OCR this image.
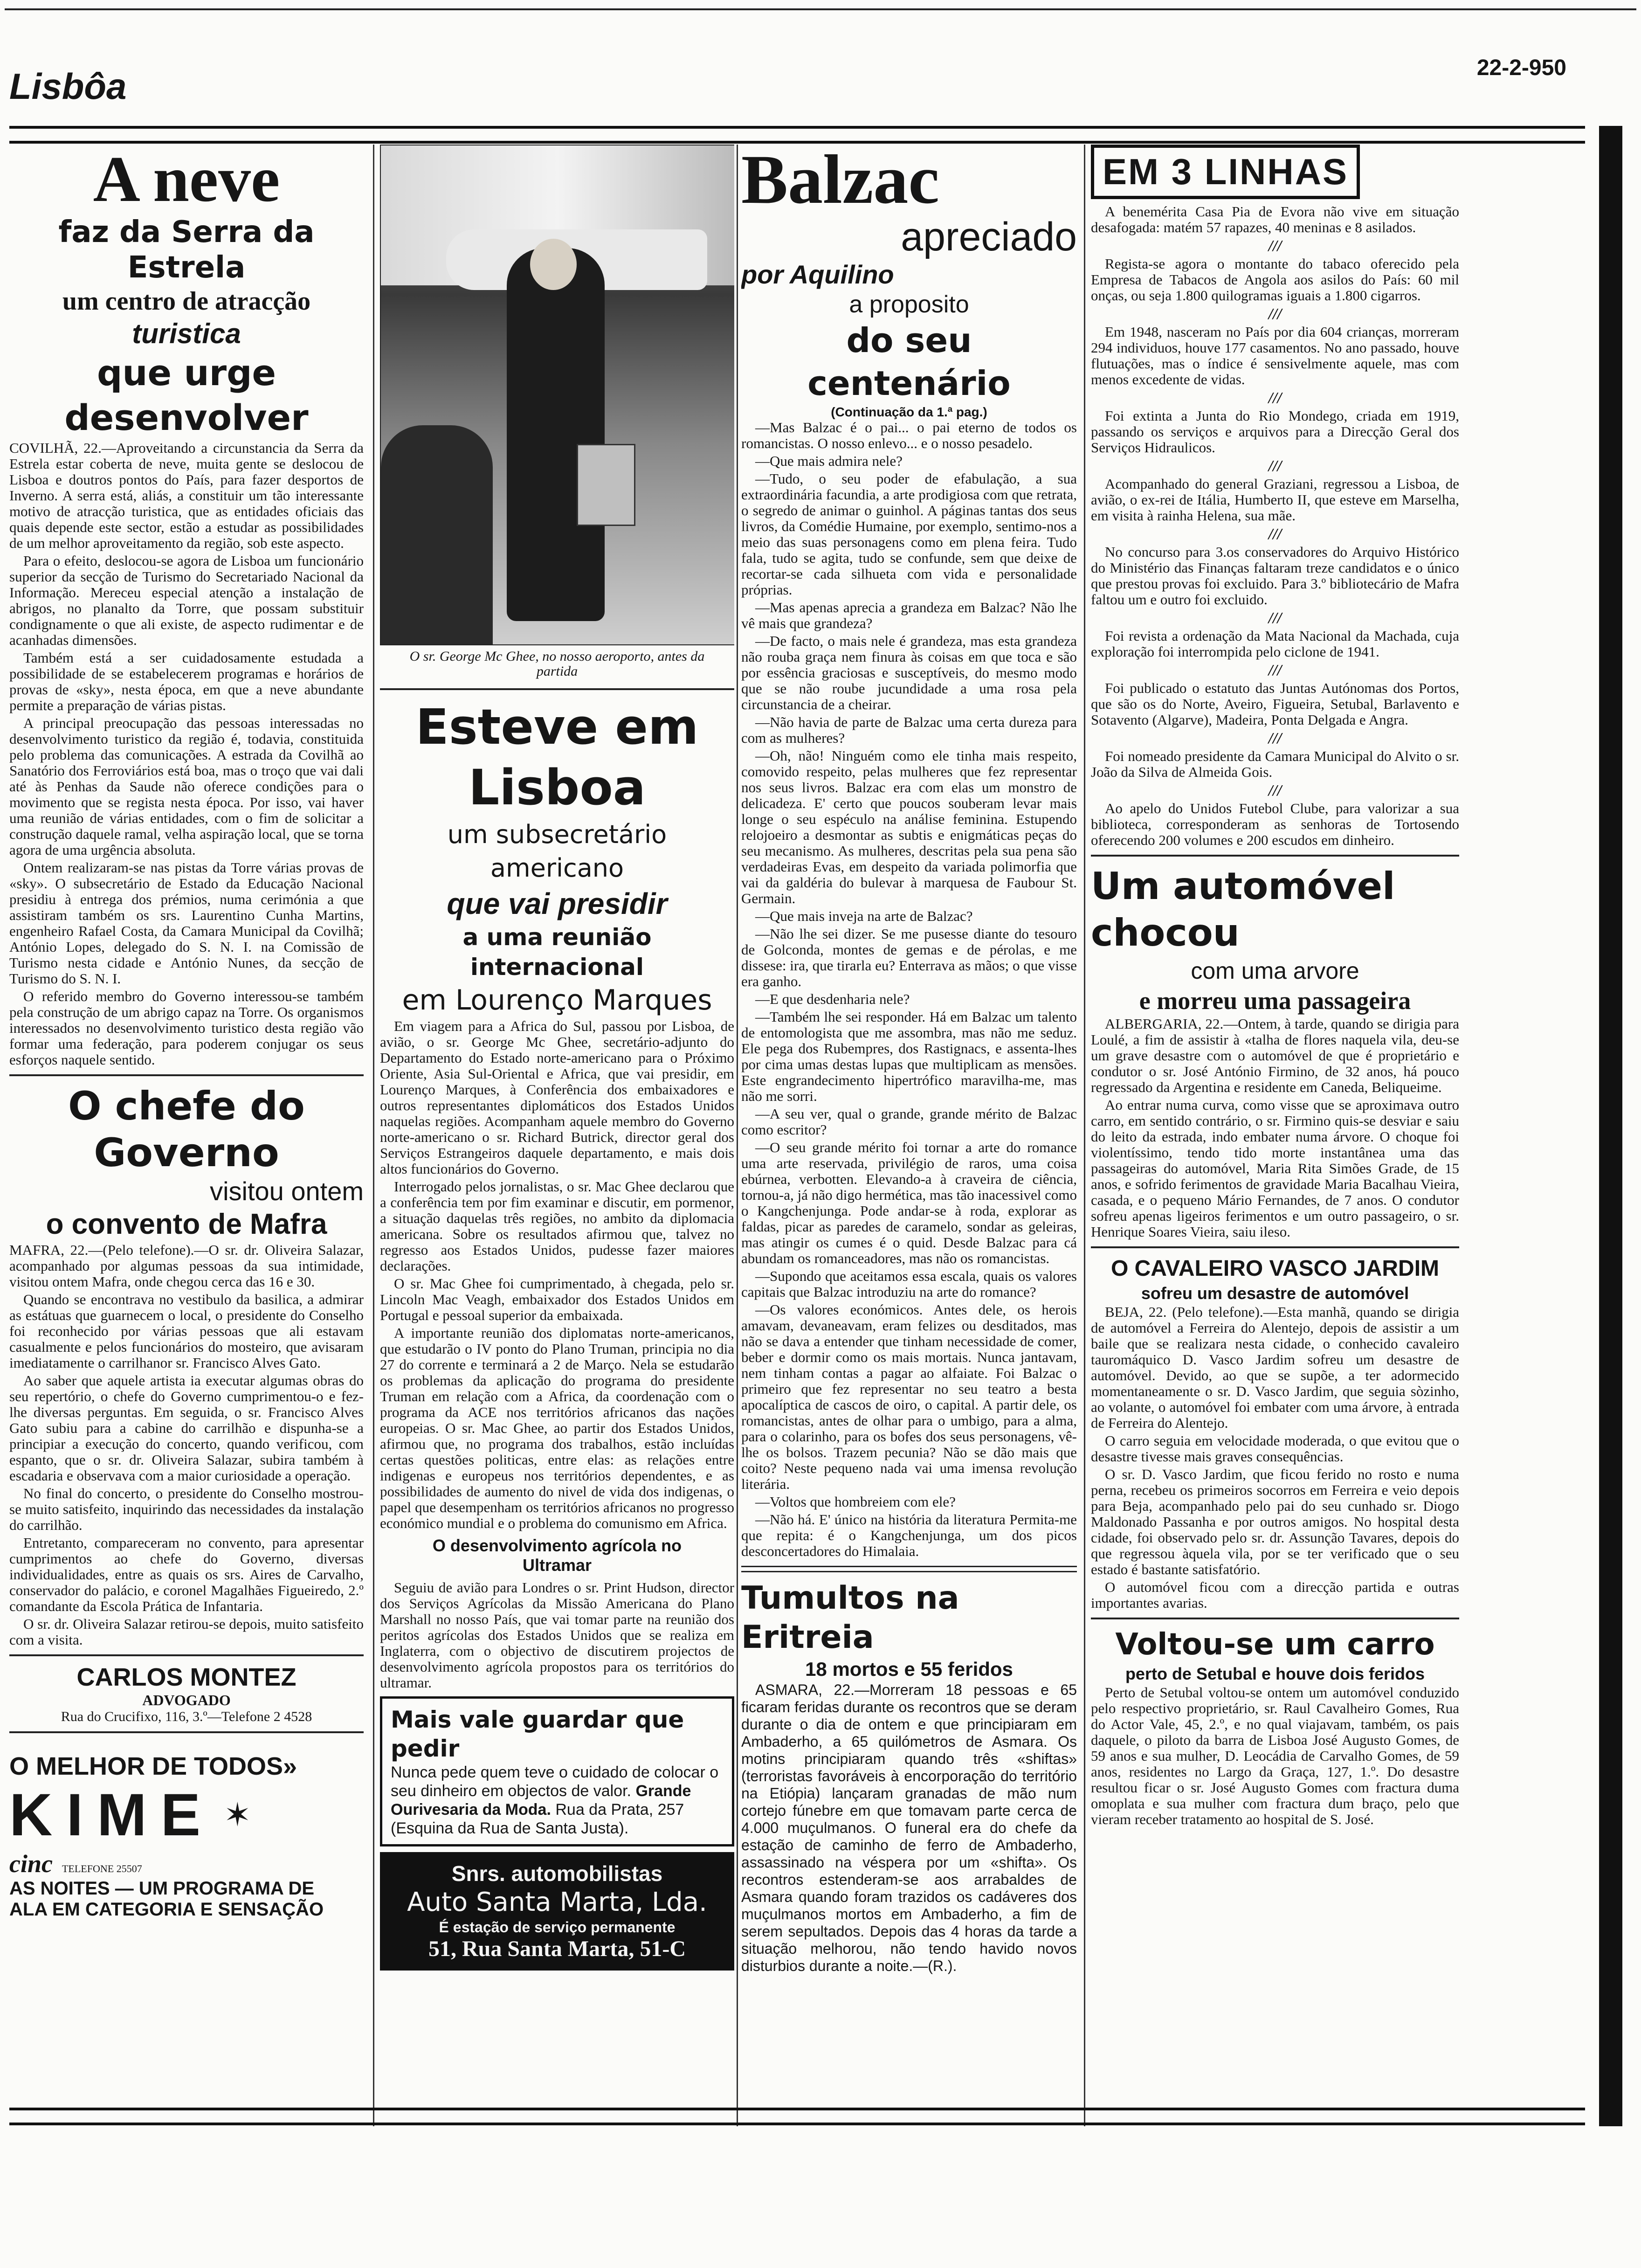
Lisbôa	22-2-950
A neve
faz da Serra da Estrela
um centro de atracção
turistica
que urge desenvolver

COVILHÃ, 22.—Aproveitando a circunstancia da Serra da Estrela estar coberta de neve, muita gente se deslocou de Lisboa e doutros pontos do País, para fazer desportos de Inverno. A serra está, aliás, a constituir um tão interessante motivo de atracção turistica, que as entidades oficiais das quais depende este sector, estão a estudar as possibilidades de um melhor aproveitamento da região, sob este aspecto.

Para o efeito, deslocou-se agora de Lisboa um funcionário superior da secção de Turismo do Secretariado Nacional da Informação. Mereceu especial atenção a instalação de abrigos, no planalto da Torre, que possam substituir condignamente o que ali existe, de aspecto rudimentar e de acanhadas dimensões.

Também está a ser cuidadosamente estudada a possibilidade de se estabelecerem programas e horários de provas de «sky», nesta época, em que a neve abundante permite a preparação de várias pistas.

A principal preocupação das pessoas interessadas no desenvolvimento turistico da região é, todavia, constituida pelo problema das comunicações. A estrada da Covilhã ao Sanatório dos Ferroviários está boa, mas o troço que vai dali até às Penhas da Saude não oferece condições para o movimento que se regista nesta época. Por isso, vai haver uma reunião de várias entidades, com o fim de solicitar a construção daquele ramal, velha aspiração local, que se torna agora de uma urgência absoluta.

Ontem realizaram-se nas pistas da Torre várias provas de «sky». O subsecretário de Estado da Educação Nacional presidiu à entrega dos prémios, numa cerimónia a que assistiram também os srs. Laurentino Cunha Martins, engenheiro Rafael Costa, da Camara Municipal da Covilhã; António Lopes, delegado do S. N. I. na Comissão de Turismo nesta cidade e António Nunes, da secção de Turismo do S. N. I.

O referido membro do Governo interessou-se também pela construção de um abrigo capaz na Torre. Os organismos interessados no desenvolvimento turistico desta região vão formar uma federação, para poderem conjugar os seus esforços naquele sentido.

O chefe do Governo
visitou ontem
o convento de Mafra

MAFRA, 22.—(Pelo telefone).—O sr. dr. Oliveira Salazar, acompanhado por algumas pessoas da sua intimidade, visitou ontem Mafra, onde chegou cerca das 16 e 30.

Quando se encontrava no vestibulo da basilica, a admirar as estátuas que guarnecem o local, o presidente do Conselho foi reconhecido por várias pessoas que ali estavam casualmente e pelos funcionários do mosteiro, que avisaram imediatamente o carrilhanor sr. Francisco Alves Gato.

Ao saber que aquele artista ia executar algumas obras do seu repertório, o chefe do Governo cumprimentou-o e fez-lhe diversas perguntas. Em seguida, o sr. Francisco Alves Gato subiu para a cabine do carrilhão e dispunha-se a principiar a execução do concerto, quando verificou, com espanto, que o sr. dr. Oliveira Salazar, subira também à escadaria e observava com a maior curiosidade a operação.

No final do concerto, o presidente do Conselho mostrou-se muito satisfeito, inquirindo das necessidades da instalação do carrilhão.

Entretanto, compareceram no convento, para apresentar cumprimentos ao chefe do Governo, diversas individualidades, entre as quais os srs. Aires de Carvalho, conservador do palácio, e coronel Magalhães Figueiredo, 2.º comandante da Escola Prática de Infantaria.

O sr. dr. Oliveira Salazar retirou-se depois, muito satisfeito com a visita.

CARLOS MONTEZ
ADVOGADO
Rua do Crucifixo, 116, 3.º—Telefone 2 4528
O MELHOR DE TODOS»
KIME ✶
cinc TELEFONE 25507
AS NOITES — UM PROGRAMA DE
ALA EM CATEGORIA E SENSAÇÃO
O sr. George Mc Ghee, no nosso aeroporto, antes da partida
Esteve em Lisboa
um subsecretário americano
que vai presidir
a uma reunião internacional
em Lourenço Marques

Em viagem para a Africa do Sul, passou por Lisboa, de avião, o sr. George Mc Ghee, secretário-adjunto do Departamento do Estado norte-americano para o Próximo Oriente, Asia Sul-Oriental e Africa, que vai presidir, em Lourenço Marques, à Conferência dos embaixadores e outros representantes diplomáticos dos Estados Unidos naquelas regiões. Acompanham aquele membro do Governo norte-americano o sr. Richard Butrick, director geral dos Serviços Estrangeiros daquele departamento, e mais dois altos funcionários do Governo.

Interrogado pelos jornalistas, o sr. Mac Ghee declarou que a conferência tem por fim examinar e discutir, em pormenor, a situação daquelas três regiões, no ambito da diplomacia americana. Sobre os resultados afirmou que, talvez no regresso aos Estados Unidos, pudesse fazer maiores declarações.

O sr. Mac Ghee foi cumprimentado, à chegada, pelo sr. Lincoln Mac Veagh, embaixador dos Estados Unidos em Portugal e pessoal superior da embaixada.

A importante reunião dos diplomatas norte-americanos, que estudarão o IV ponto do Plano Truman, principia no dia 27 do corrente e terminará a 2 de Março. Nela se estudarão os problemas da aplicação do programa do presidente Truman em relação com a Africa, da coordenação com o programa da ACE nos territórios africanos das nações europeias. O sr. Mac Ghee, ao partir dos Estados Unidos, afirmou que, no programa dos trabalhos, estão incluídas certas questões politicas, entre elas: as relações entre indigenas e europeus nos territórios dependentes, e as possibilidades de aumento do nivel de vida dos indigenas, o papel que desempenham os territórios africanos no progresso económico mundial e o problema do comunismo em Africa.

O desenvolvimento agrícola no Ultramar

Seguiu de avião para Londres o sr. Print Hudson, director dos Serviços Agrícolas da Missão Americana do Plano Marshall no nosso País, que vai tomar parte na reunião dos peritos agrícolas dos Estados Unidos que se realiza em Inglaterra, com o objectivo de discutirem projectos de desenvolvimento agrícola propostos para os territórios do ultramar.

Mais vale guardar que pedir
Nunca pede quem teve o cuidado de colocar o seu dinheiro em objectos de valor. Grande Ourivesaria da Moda. Rua da Prata, 257 (Esquina da Rua de Santa Justa).
Snrs. automobilistas
Auto Santa Marta, Lda.
É estação de serviço permanente
51, Rua Santa Marta, 51-C
Balzac
apreciado
por Aquilino
a proposito
do seu centenário
(Continuação da 1.ª pag.)

—Mas Balzac é o pai... o pai eterno de todos os romancistas. O nosso enlevo... e o nosso pesadelo.

—Que mais admira nele?

—Tudo, o seu poder de efabulação, a sua extraordinária facundia, a arte prodigiosa com que retrata, o segredo de animar o guinhol. A páginas tantas dos seus livros, da Comédie Humaine, por exemplo, sentimo-nos a meio das suas personagens como em plena feira. Tudo fala, tudo se agita, tudo se confunde, sem que deixe de recortar-se cada silhueta com vida e personalidade próprias.

—Mas apenas aprecia a grandeza em Balzac? Não lhe vê mais que grandeza?

—De facto, o mais nele é grandeza, mas esta grandeza não rouba graça nem finura às coisas em que toca e são por essência graciosas e susceptíveis, do mesmo modo que se não roube jucundidade a uma rosa pela circunstancia de a cheirar.

—Não havia de parte de Balzac uma certa dureza para com as mulheres?

—Oh, não! Ninguém como ele tinha mais respeito, comovido respeito, pelas mulheres que fez representar nos seus livros. Balzac era com elas um monstro de delicadeza. E' certo que poucos souberam levar mais longe o seu espéculo na análise feminina. Estupendo relojoeiro a desmontar as subtis e enigmáticas peças do seu mecanismo. As mulheres, descritas pela sua pena são verdadeiras Evas, em despeito da variada polimorfia que vai da galdéria do bulevar à marquesa de Faubour St. Germain.

—Que mais inveja na arte de Balzac?

—Não lhe sei dizer. Se me pusesse diante do tesouro de Golconda, montes de gemas e de pérolas, e me dissese: ira, que tirarla eu? Enterrava as mãos; o que visse era ganho.

—E que desdenharia nele?

—Também lhe sei responder. Há em Balzac um talento de entomologista que me assombra, mas não me seduz. Ele pega dos Rubempres, dos Rastignacs, e assenta-lhes por cima umas destas lupas que multiplicam as mensões. Este engrandecimento hipertrófico maravilha-me, mas não me sorri.

—A seu ver, qual o grande, grande mérito de Balzac como escritor?

—O seu grande mérito foi tornar a arte do romance uma arte reservada, privilégio de raros, uma coisa ebúrnea, verbotten. Elevando-a à craveira de ciência, tornou-a, já não digo hermética, mas tão inacessivel como o Kangchenjunga. Pode andar-se à roda, explorar as faldas, picar as paredes de caramelo, sondar as geleiras, mas atingir os cumes é o quid. Desde Balzac para cá abundam os romanceadores, mas não os romancistas.

—Supondo que aceitamos essa escala, quais os valores capitais que Balzac introduziu na arte do romance?

—Os valores económicos. Antes dele, os herois amavam, devaneavam, eram felizes ou desditados, mas não se dava a entender que tinham necessidade de comer, beber e dormir como os mais mortais. Nunca jantavam, nem tinham contas a pagar ao alfaiate. Foi Balzac o primeiro que fez representar no seu teatro a besta apocalíptica de cascos de oiro, o capital. A partir dele, os romancistas, antes de olhar para o umbigo, para a alma, para o colarinho, para os bofes dos seus personagens, vê-lhe os bolsos. Trazem pecunia? Não se dão mais que coito? Neste pequeno nada vai uma imensa revolução literária.

—Voltos que hombreiem com ele?

—Não há. E' único na história da literatura Permita-me que repita: é o Kangchenjunga, um dos picos desconcertadores do Himalaia.

Tumultos na Eritreia
18 mortos e 55 feridos

ASMARA, 22.—Morreram 18 pessoas e 65 ficaram feridas durante os recontros que se deram durante o dia de ontem e que principiaram em Ambaderho, a 65 quilómetros de Asmara. Os motins principiaram quando três «shiftas» (terroristas favoráveis à encorporação do território na Etiópia) lançaram granadas de mão num cortejo fúnebre em que tomavam parte cerca de 4.000 muçulmanos. O funeral era do chefe da estação de caminho de ferro de Ambaderho, assassinado na véspera por um «shifta». Os recontros estenderam-se aos arrabaldes de Asmara quando foram trazidos os cadáveres dos muçulmanos mortos em Ambaderho, a fim de serem sepultados. Depois das 4 horas da tarde a situação melhorou, não tendo havido novos disturbios durante a noite.—(R.).

EM 3 LINHAS

A benemérita Casa Pia de Evora não vive em situação desafogada: matém 57 rapazes, 40 meninas e 8 asilados.

///

Regista-se agora o montante do tabaco oferecido pela Empresa de Tabacos de Angola aos asilos do País: 60 mil onças, ou seja 1.800 quilogramas iguais a 1.800 cigarros.

///

Em 1948, nasceram no País por dia 604 crianças, morreram 294 individuos, houve 177 casamentos. No ano passado, houve flutuações, mas o índice é sensivelmente aquele, mas com menos excedente de vidas.

///

Foi extinta a Junta do Rio Mondego, criada em 1919, passando os serviços e arquivos para a Direcção Geral dos Serviços Hidraulicos.

///

Acompanhado do general Graziani, regressou a Lisboa, de avião, o ex-rei de Itália, Humberto II, que esteve em Marselha, em visita à rainha Helena, sua mãe.

///

No concurso para 3.os conservadores do Arquivo Histórico do Ministério das Finanças faltaram treze candidatos e o único que prestou provas foi excluido. Para 3.º bibliotecário de Mafra faltou um e outro foi excluido.

///

Foi revista a ordenação da Mata Nacional da Machada, cuja exploração foi interrompida pelo ciclone de 1941.

///

Foi publicado o estatuto das Juntas Autónomas dos Portos, que são os do Norte, Aveiro, Figueira, Setubal, Barlavento e Sotavento (Algarve), Madeira, Ponta Delgada e Angra.

///

Foi nomeado presidente da Camara Municipal do Alvito o sr. João da Silva de Almeida Gois.

///

Ao apelo do Unidos Futebol Clube, para valorizar a sua biblioteca, corresponderam as senhoras de Tortosendo oferecendo 200 volumes e 200 escudos em dinheiro.

Um automóvel chocou
com uma arvore
e morreu uma passageira

ALBERGARIA, 22.—Ontem, à tarde, quando se dirigia para Loulé, a fim de assistir à «talha de flores naquela vila, deu-se um grave desastre com o automóvel de que é proprietário e condutor o sr. José António Firmino, de 32 anos, há pouco regressado da Argentina e residente em Caneda, Beliqueime.

Ao entrar numa curva, como visse que se aproximava outro carro, em sentido contrário, o sr. Firmino quis-se desviar e saiu do leito da estrada, indo embater numa árvore. O choque foi violentíssimo, tendo tido morte instantânea uma das passageiras do automóvel, Maria Rita Simões Grade, de 15 anos, e sofrido ferimentos de gravidade Maria Bacalhau Vieira, casada, e o pequeno Mário Fernandes, de 7 anos. O condutor sofreu apenas ligeiros ferimentos e um outro passageiro, o sr. Henrique Soares Vieira, saiu ileso.

O CAVALEIRO VASCO JARDIM
sofreu um desastre de automóvel

BEJA, 22. (Pelo telefone).—Esta manhã, quando se dirigia de automóvel a Ferreira do Alentejo, depois de assistir a um baile que se realizara nesta cidade, o conhecido cavaleiro tauromáquico D. Vasco Jardim sofreu um desastre de automóvel. Devido, ao que se supõe, a ter adormecido momentaneamente o sr. D. Vasco Jardim, que seguia sòzinho, ao volante, o automóvel foi embater com uma árvore, à entrada de Ferreira do Alentejo.

O carro seguia em velocidade moderada, o que evitou que o desastre tivesse mais graves consequências.

O sr. D. Vasco Jardim, que ficou ferido no rosto e numa perna, recebeu os primeiros socorros em Ferreira e veio depois para Beja, acompanhado pelo pai do seu cunhado sr. Diogo Maldonado Passanha e por outros amigos. No hospital desta cidade, foi observado pelo sr. dr. Assunção Tavares, depois do que regressou àquela vila, por se ter verificado que o seu estado é bastante satisfatório.

O automóvel ficou com a direcção partida e outras importantes avarias.

Voltou-se um carro
perto de Setubal e houve dois feridos

Perto de Setubal voltou-se ontem um automóvel conduzido pelo respectivo proprietário, sr. Raul Cavalheiro Gomes, Rua do Actor Vale, 45, 2.º, e no qual viajavam, também, os pais daquele, o piloto da barra de Lisboa José Augusto Gomes, de 59 anos e sua mulher, D. Leocádia de Carvalho Gomes, de 59 anos, residentes no Largo da Graça, 127, 1.º. Do desastre resultou ficar o sr. José Augusto Gomes com fractura duma omoplata e sua mulher com fractura dum braço, pelo que vieram receber tratamento ao hospital de S. José.
